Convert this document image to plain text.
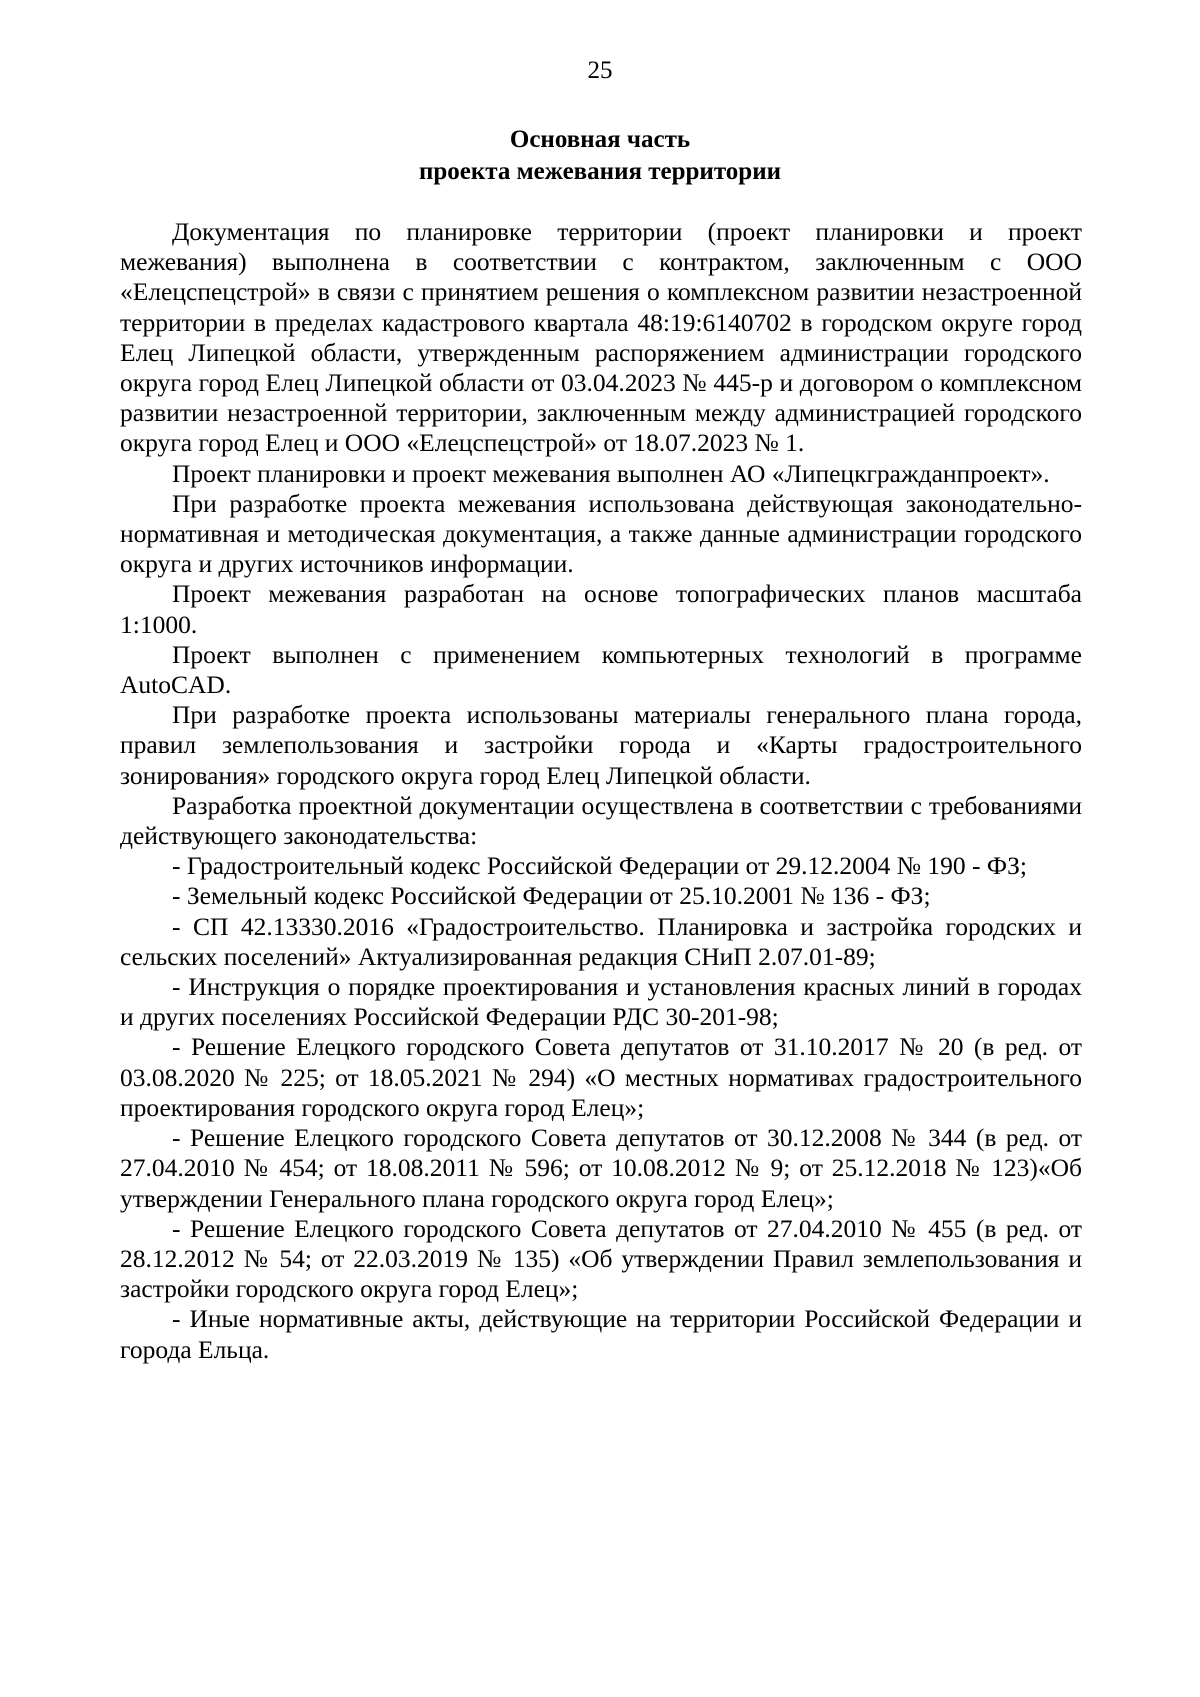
25
Основная часть
проекта межевания территории

Документация по планировке территории (проект планировки и проект межевания) выполнена в соответствии с контрактом, заключенным с ООО «Елецспецстрой» в связи с принятием решения о комплексном развитии незастроенной территории в пределах кадастрового квартала 48:19:6140702 в городском округе город Елец Липецкой области, утвержденным распоряжением администрации городского округа город Елец Липецкой области от 03.04.2023 № 445-р и договором о комплексном развитии незастроенной территории, заключенным между администрацией городского округа город Елец и ООО «Елецспецстрой» от 18.07.2023 № 1.

Проект планировки и проект межевания выполнен АО «Липецкгражданпроект».

При разработке проекта межевания использована действующая законодательно-нормативная и методическая документация, а также данные администрации городского округа и других источников информации.

Проект межевания разработан на основе топографических планов масштаба 1:1000.

Проект выполнен с применением компьютерных технологий в программе AutoCAD.

При разработке проекта использованы материалы генерального плана города, правил землепользования и застройки города и «Карты градостроительного зонирования» городского округа город Елец Липецкой области.

Разработка проектной документации осуществлена в соответствии с требованиями действующего законодательства:

- Градостроительный кодекс Российской Федерации от 29.12.2004 № 190 - ФЗ;

- Земельный кодекс Российской Федерации от 25.10.2001 № 136 - ФЗ;

- СП 42.13330.2016 «Градостроительство. Планировка и застройка городских и сельских поселений» Актуализированная редакция СНиП 2.07.01-89;

- Инструкция о порядке проектирования и установления красных линий в городах и других поселениях Российской Федерации РДС 30-201-98;

- Решение Елецкого городского Совета депутатов от 31.10.2017 № 20 (в ред. от 03.08.2020 № 225; от 18.05.2021 № 294) «О местных нормативах градостроительного проектирования городского округа город Елец»;

- Решение Елецкого городского Совета депутатов от 30.12.2008 № 344 (в ред. от 27.04.2010 № 454; от 18.08.2011 № 596; от 10.08.2012 № 9; от 25.12.2018 № 123)«Об утверждении Генерального плана городского округа город Елец»;

- Решение Елецкого городского Совета депутатов от 27.04.2010 № 455 (в ред. от 28.12.2012 № 54; от 22.03.2019 № 135) «Об утверждении Правил землепользования и застройки городского округа город Елец»;

- Иные нормативные акты, действующие на территории Российской Федерации и города Ельца.
